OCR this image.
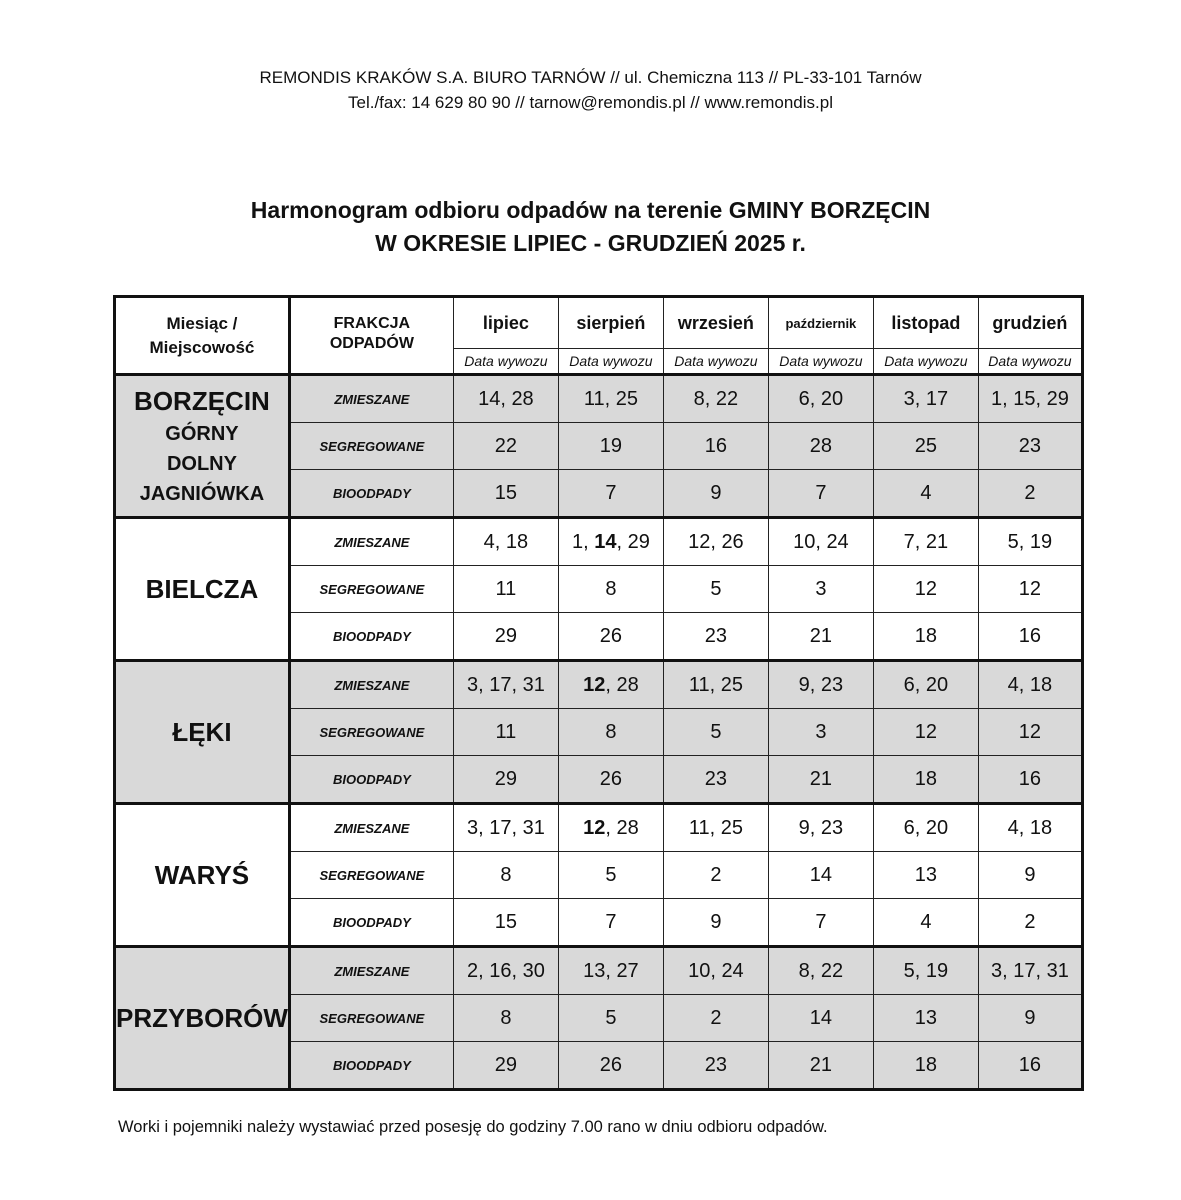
REMONDIS KRAKÓW S.A. BIURO TARNÓW // ul. Chemiczna 113 // PL-33-101 Tarnów
Tel./fax: 14 629 80 90 // tarnow@remondis.pl // www.remondis.pl
Harmonogram odbioru odpadów na terenie GMINY BORZĘCIN
W OKRESIE LIPIEC - GRUDZIEŃ 2025 r.
Miesiąc /
Miejscowość	FRAKCJA
ODPADÓW	lipiec	sierpień	wrzesień	październik	listopad	grudzień
		Data wywozu	Data wywozu	Data wywozu	Data wywozu	Data wywozu	Data wywozu

BORZĘCIN
GÓRNY
DOLNY
JAGNIÓWKA	ZMIESZANE	14, 28	11, 25	8, 22	6, 20	3, 17	1, 15, 29
	SEGREGOWANE	22	19	16	28	25	23
	BIOODPADY	15	7	9	7	4	2

BIELCZA	ZMIESZANE	4, 18	1, 14, 29	12, 26	10, 24	7, 21	5, 19
	SEGREGOWANE	11	8	5	3	12	12
	BIOODPADY	29	26	23	21	18	16

ŁĘKI	ZMIESZANE	3, 17, 31	12, 28	11, 25	9, 23	6, 20	4, 18
	SEGREGOWANE	11	8	5	3	12	12
	BIOODPADY	29	26	23	21	18	16

WARYŚ	ZMIESZANE	3, 17, 31	12, 28	11, 25	9, 23	6, 20	4, 18
	SEGREGOWANE	8	5	2	14	13	9
	BIOODPADY	15	7	9	7	4	2

PRZYBORÓW	ZMIESZANE	2, 16, 30	13, 27	10, 24	8, 22	5, 19	3, 17, 31
	SEGREGOWANE	8	5	2	14	13	9
	BIOODPADY	29	26	23	21	18	16
Worki i pojemniki należy wystawiać przed posesję do godziny 7.00 rano w dniu odbioru odpadów.
